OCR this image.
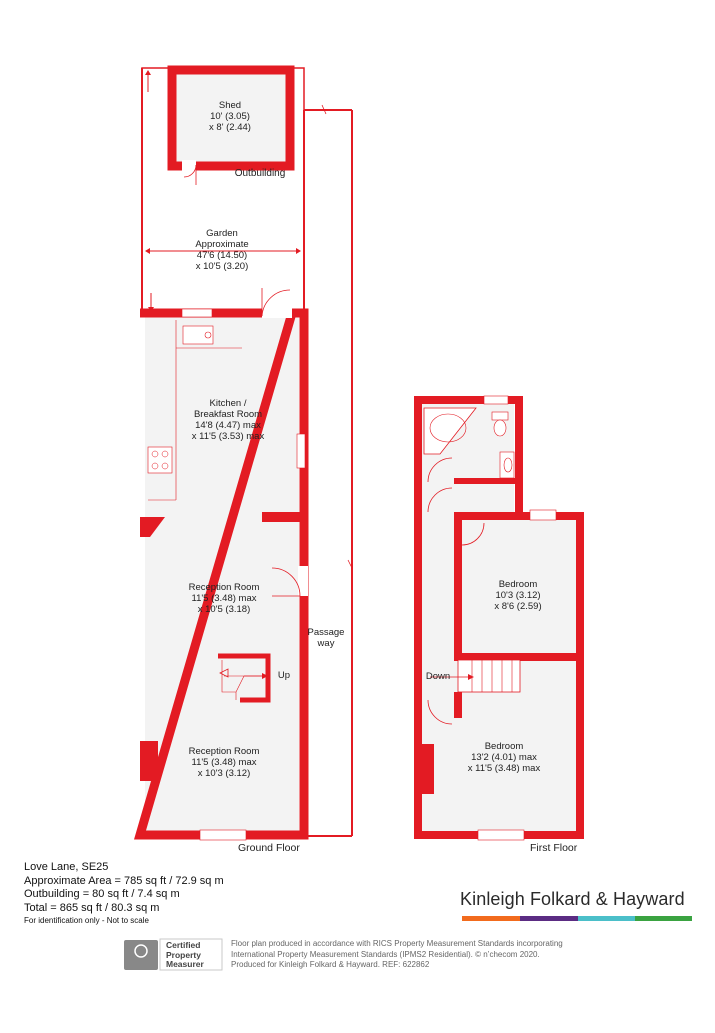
Shed
10' (3.05)
x 8' (2.44)
Outbuilding
Garden
Approximate
47'6 (14.50)
x 10'5 (3.20)
Kitchen /
Breakfast Room
14'8 (4.47) max
x 11'5 (3.53) max
Reception Room
11'5 (3.48) max
x 10'5 (3.18)
Reception Room
11'5 (3.48) max
x 10'3 (3.12)
Passage
way
Up	Down
Bedroom
10'3 (3.12)
x 8'6 (2.59)
Bedroom
13'2 (4.01) max
x 11'5 (3.48) max
Ground Floor	First Floor
Love Lane, SE25
Approximate Area = 785 sq ft / 72.9 sq m
Outbuilding = 80 sq ft / 7.4 sq m
Total = 865 sq ft / 80.3 sq m
For identification only - Not to scale
Kinleigh Folkard & Hayward
Certified
Property
Measurer
Floor plan produced in accordance with RICS Property Measurement Standards incorporating
International Property Measurement Standards (IPMS2 Residential). © n’checom 2020.
Produced for Kinleigh Folkard & Hayward. REF: 622862
